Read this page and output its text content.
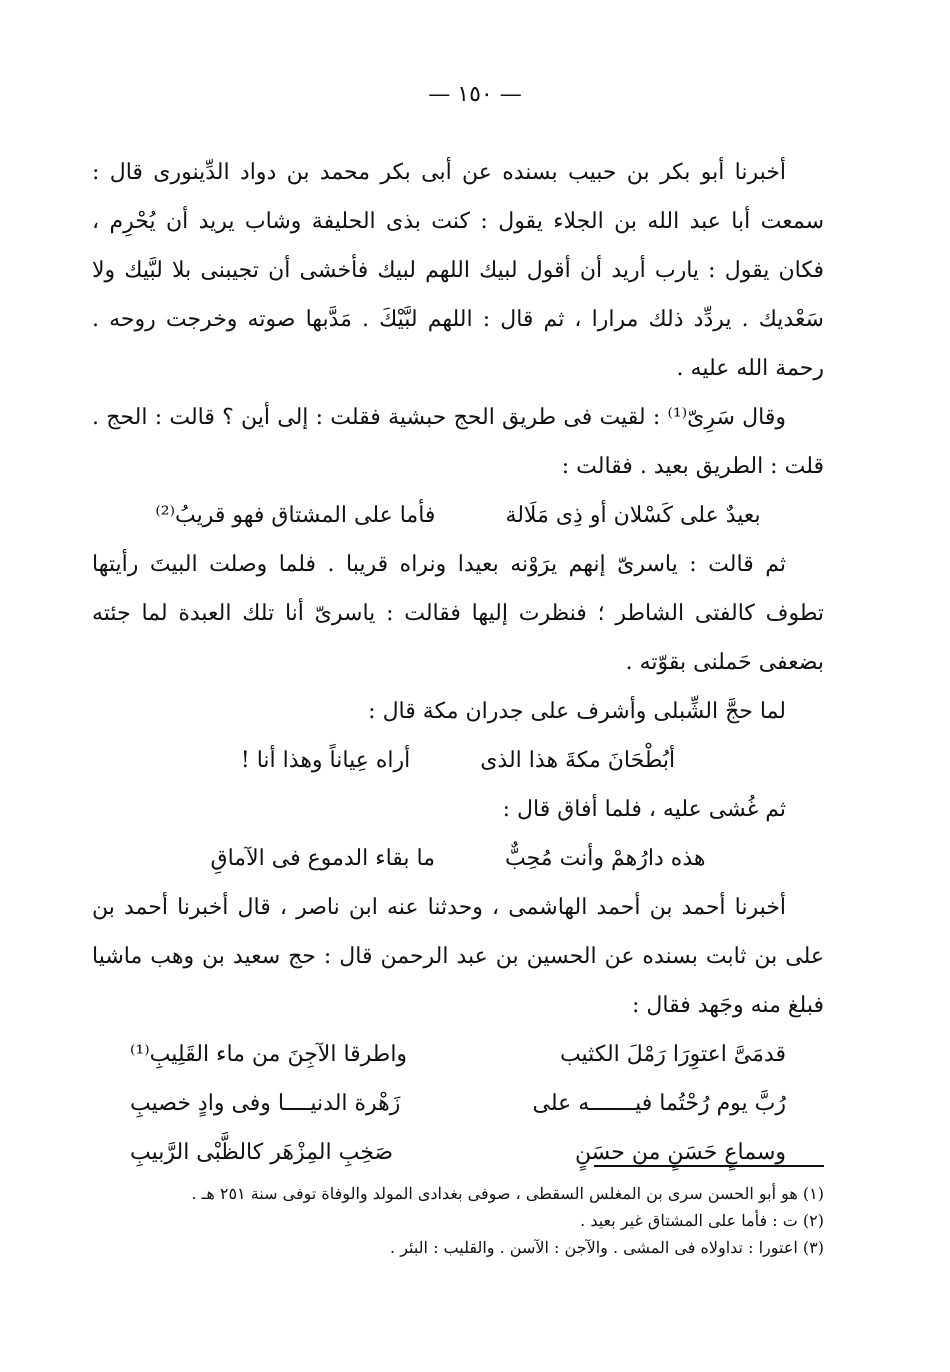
— ١٥٠ —

أخبرنا أبو بكر بن حبيب بسنده عن أبى بكر محمد بن دواد الدِّينورى قال : سمعت أبا عبد الله بن الجلاء يقول : كنت بذى الحليفة وشاب يريد أن يُحْرِم ، فكان يقول : يارب أريد أن أقول لبيك اللهم لبيك فأخشى أن تجيبنى بلا لبَّيك ولا سَعْديك . يردِّد ذلك مرارا ، ثم قال : اللهم لبَّيْكَ . مَدَّبها صوته وخرجت روحه . رحمة الله عليه .

وقال سَرِىّ⁽¹⁾ : لقيت فى طريق الحج حبشية فقلت : إلى أين ؟ قالت : الحج . قلت : الطريق بعيد . فقالت :

بعيدٌ على كَسْلان أو ذِى مَلَالة
فأما على المشتاق فهو قريبُ⁽²⁾

ثم قالت : ياسرىّ إنهم يرَوْنه بعيدا ونراه قريبا . فلما وصلت البيتَ رأيتها تطوف كالفتى الشاطر ؛ فنظرت إليها فقالت : ياسرىّ أنا تلك العبدة لما جئته بضعفى حَملنى بقوّته .

لما حجَّ الشِّبلى وأشرف على جدران مكة قال :

أبُطْحَانَ مكةَ هذا الذى
أراه عِياناً وهذا أنا !

ثم غُشى عليه ، فلما أفاق قال :

هذه دارُهمْ وأنت مُحِبٌّ
ما بقاء الدموع فى الآماقِ

أخبرنا أحمد بن أحمد الهاشمى ، وحدثنا عنه ابن ناصر ، قال أخبرنا أحمد بن على بن ثابت بسنده عن الحسين بن عبد الرحمن قال : حج سعيد بن وهب ماشيا فبلغ منه وجَهد فقال :

قدمَىَّ اعتوِرَا رَمْلَ الكثيب
واطرقا الآجِنَ من ماء القَلِيبِ⁽¹⁾
رُبَّ يوم رُحْتُما فيـــــــه على
زَهْرة الدنيــــا وفى وادٍ خصيبِ
وسماعٍ حَسَنٍ من حسَنٍ
صَخِبِ المِزْهَر كالظَّبْى الرَّبيبِ

(١) هو أبو الحسن سرى بن المغلس السقطى ، صوفى بغدادى المولد والوفاة توفى سنة ٢٥١ هـ .

(٢) ت : فأما على المشتاق غير بعيد .

(٣) اعتورا : تداولاه فى المشى . والآجن : الآسن . والقليب : البئر .
